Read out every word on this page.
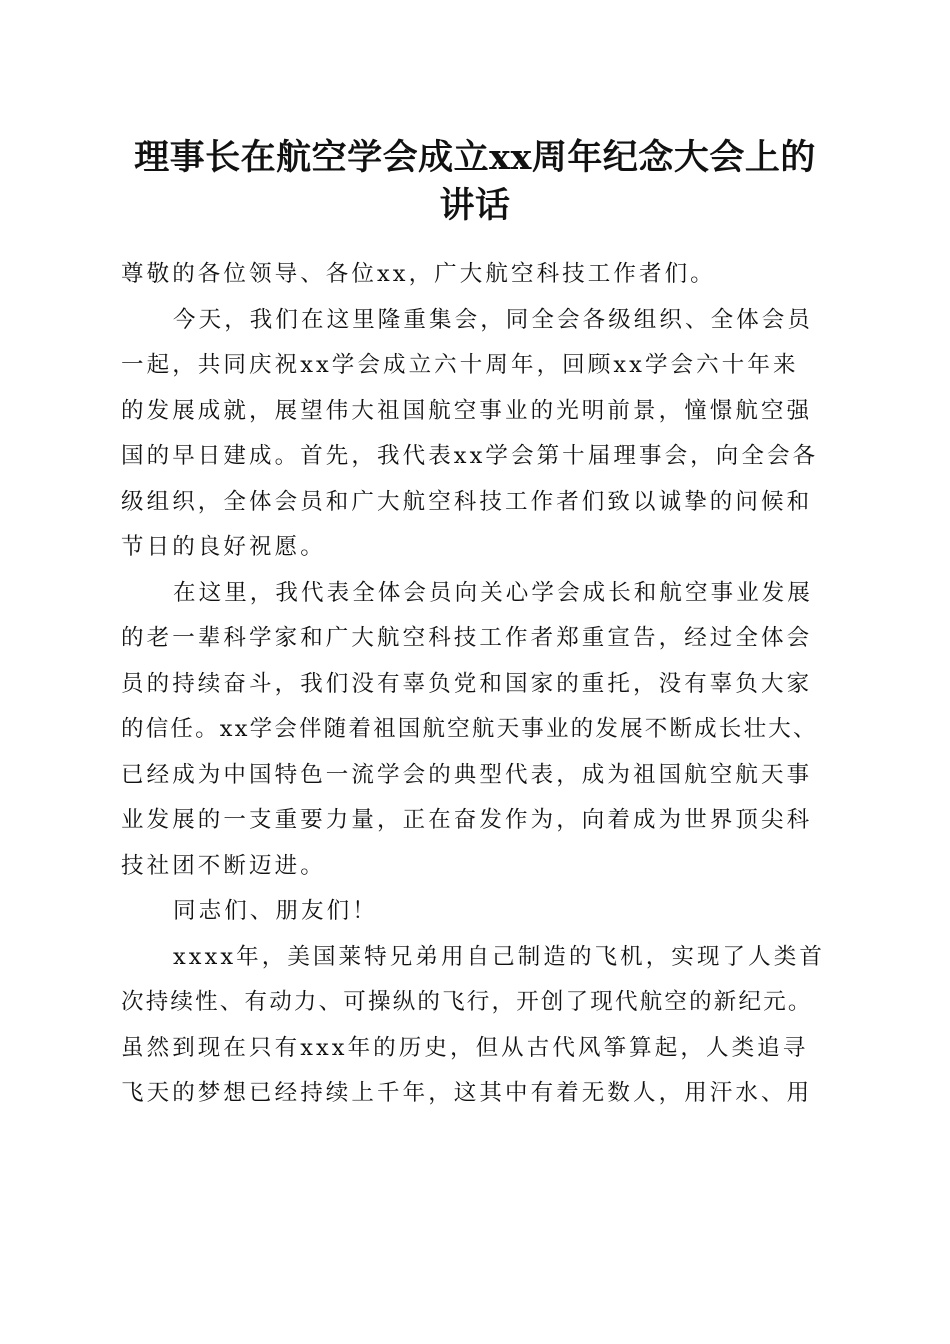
理事长在航空学会成立xx周年纪念大会上的
讲话
尊敬的各位领导、各位xx，广大航空科技工作者们。
今天，我们在这里隆重集会，同全会各级组织、全体会员
一起，共同庆祝xx学会成立六十周年，回顾xx学会六十年来
的发展成就，展望伟大祖国航空事业的光明前景，憧憬航空强
国的早日建成。首先，我代表xx学会第十届理事会，向全会各
级组织，全体会员和广大航空科技工作者们致以诚挚的问候和
节日的良好祝愿。
在这里，我代表全体会员向关心学会成长和航空事业发展
的老一辈科学家和广大航空科技工作者郑重宣告，经过全体会
员的持续奋斗，我们没有辜负党和国家的重托，没有辜负大家
的信任。xx学会伴随着祖国航空航天事业的发展不断成长壮大、
已经成为中国特色一流学会的典型代表，成为祖国航空航天事
业发展的一支重要力量，正在奋发作为，向着成为世界顶尖科
技社团不断迈进。
同志们、朋友们！
xxxx年，美国莱特兄弟用自己制造的飞机，实现了人类首
次持续性、有动力、可操纵的飞行，开创了现代航空的新纪元。
虽然到现在只有xxx年的历史，但从古代风筝算起，人类追寻
飞天的梦想已经持续上千年，这其中有着无数人，用汗水、用
